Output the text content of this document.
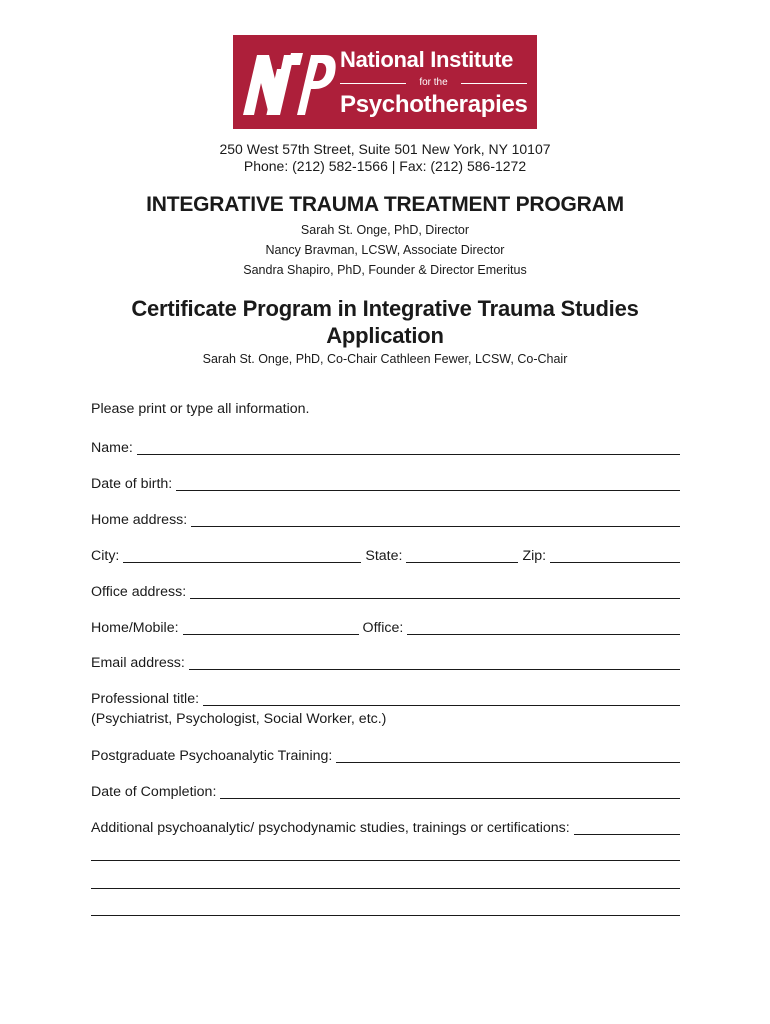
National Institute
for the
Psychotherapies
250 West 57th Street, Suite 501 New York, NY 10107
Phone: (212) 582-1566 | Fax: (212) 586-1272
INTEGRATIVE TRAUMA TREATMENT PROGRAM
Sarah St. Onge, PhD, Director
Nancy Bravman, LCSW, Associate Director
Sandra Shapiro, PhD, Founder & Director Emeritus
Certificate Program in Integrative Trauma Studies
Application
Sarah St. Onge, PhD, Co-Chair Cathleen Fewer, LCSW, Co-Chair
Please print or type all information.
Name:
Date of birth:
Home address:
City:	State:	Zip:
Office address:
Home/Mobile:	Office:
Email address:
Professional title:
(Psychiatrist, Psychologist, Social Worker, etc.)
Postgraduate Psychoanalytic Training:
Date of Completion:
Additional psychoanalytic/ psychodynamic studies, trainings or certifications:
